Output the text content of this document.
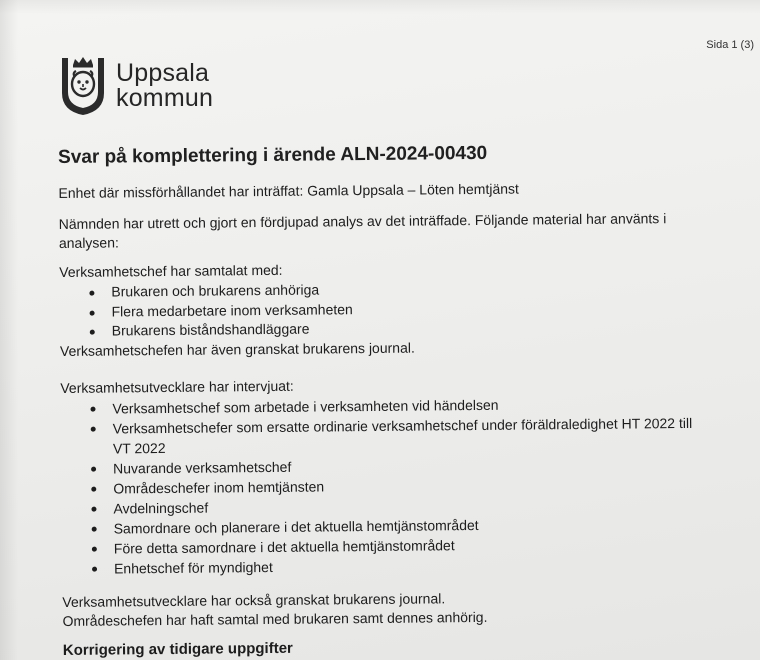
Sida 1 (3)
Uppsala
kommun
Svar på komplettering i ärende ALN-2024-00430

Enhet där missförhållandet har inträffat: Gamla Uppsala – Löten hemtjänst

Nämnden har utrett och gjort en fördjupad analys av det inträffade. Följande material har använts i analysen:

Verksamhetschef har samtalat med:

Brukaren och brukarens anhöriga
Flera medarbetare inom verksamheten
Brukarens biståndshandläggare

Verksamhetschefen har även granskat brukarens journal.

Verksamhetsutvecklare har intervjuat:

Verksamhetschef som arbetade i verksamheten vid händelsen
Verksamhetschefer som ersatte ordinarie verksamhetschef under föräldraledighet HT 2022 till VT 2022
Nuvarande verksamhetschef
Områdeschefer inom hemtjänsten
Avdelningschef
Samordnare och planerare i det aktuella hemtjänstområdet
Före detta samordnare i det aktuella hemtjänstområdet
Enhetschef för myndighet

Verksamhetsutvecklare har också granskat brukarens journal.

Områdeschefen har haft samtal med brukaren samt dennes anhörig.

Korrigering av tidigare uppgifter
